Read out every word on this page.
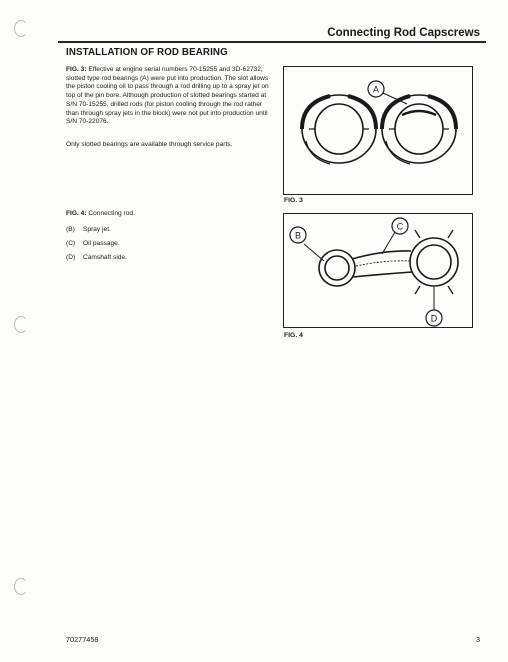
Connecting Rod Capscrews
INSTALLATION OF ROD BEARING
FIG. 3: Effective at engine serial numbers 70-15255 and 3D-62732, slotted type rod bearings (A) were put into production. The slot allows the piston cooling oil to pass through a rod drilling up to a spray jet on top of the pin bore. Although production of slotted bearings started at S/N 70-15255, drilled rods (for piston cooling through the rod rather than through spray jets in the block) were not put into production until S/N 70-22076.
Only slotted bearings are available through service parts.
FIG. 4: Connecting rod.
(B) Spray jet.
(C) Oil passage.
(D) Camshaft side.
A
FIG. 3
B
C
D
FIG. 4
70277458	3
